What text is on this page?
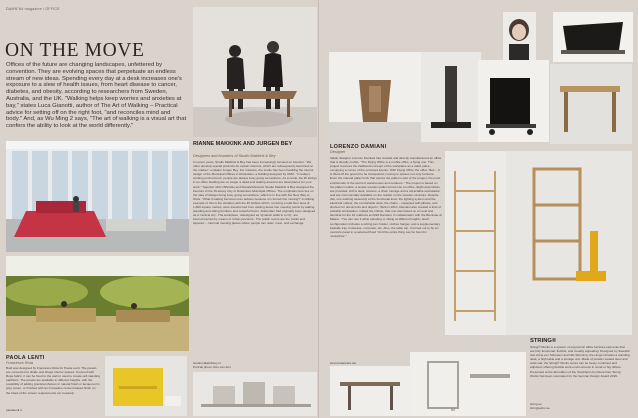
DAMN°64 magazine / OFFICE
ON THE MOVE

Offices of the future are changing landscapes, unfettered by convention. They are evolving spaces that perpetuate an endless stream of new ideas. Spending every day at a desk increases one's exposure to a slew of health issues, from heart disease to cancer, diabetes, and obesity, according to researchers from Sweden, Australia, and the UK. "Walking helps keep worries and anxieties at bay," states Luca Gianotti, author of The Art of Walking – Practical advice for setting off on the right foot, "and reconciles mind and body." And, as Wu Ming 2 says, "The art of walking is a visual art that confers the ability to look at the world differently."

PAOLA LENTI
Francesco Rota

Bold was designed by Francesco Rota for Paola Lenti. The panels are connected to divide and shape interior spaces. Covered with Rope fabric, it can be fixed to the wall or used to create self-standing partitions. The panels are available in different heights, with the possibility of adding practical shelves in natural finish or lacquered in grey colour, or finished with an innovative cement-based finish on the basis of the screen requirements (on request).

paolalenti.it
RIANNE MAKKINK AND JURGEN BEY
Designers and founders of Studio Makkink & Bey

In recent years, Studio Makkink & Bey has been increasingly focused on interiors. "We often develop special products for certain interiors, which are subsequently launched on the market," explains Jurgen Bey. For instance, the studio has been handling the interior design of the Municipal Offices in Rotterdam, a building designed by OMA. "In today's working environment, people are always busy going somewhere. As a result, the lift lobbys in an office building are no longer a dead-end waiting area but are ideal places for your work." Together with UNStudio and Ronald Rietveld, Studio Makkink & Bey designed the interiors of the 15-storey City of Rotterdam Municipal Offices. The emphasis here lies on the idea of always being busy going somewhere, which is in line with the New Way to Work. "What if waiting becomes less tedious because it is turned into moving?" A striking example of this is the situation with the lift lobbies which, covering a total floor area of 1,800 square metres, were transformed from waiting areas into meeting points by adding standing and sitting furniture and colourful floors. Rotterdam had originally been designed as a 'vertical city'. The workplace, redesigned as 'dynamic walls in a city', are interconnected by means of 'urban junctions'. The public rooms are the 'parks and squares' – informal meeting places where people can relax, meet, and exchange.

studiomakkinkbey.nl
Portrait photo: Ros van Zon
LORENZO DAMIANI
Designer

Italian designer Lorenzo Damiani has created and directly manufactured an office that is literally mobile. "The Flying Office is a mobile office, a flying one. This project reverses the traditional concept of the workplace as a static place, occupying a corner of the enclosed interior. With Flying Office the office 'flies' – it is lifted off the ground to be transported, moving to spaces not only furniture. Even the manual pallet truck that carries the pallet is part of the project, the most emblematic of the world of warehouses and outdoors." The project is based on the pallet module: a simple wooden pallet turned into an office. Eight assemblies are provided, with a desk, shelves, a chair, storage and a retractable workstation, and are commercially available on the market on the wooden structure. Despite this, one working assembly at the functional level: the lighting system and the electrical outlets; the comfortable desk, the chairs – equipped with pillows, and shelves for documents and objects." Built in 2013. Damiani also created a kind of portable workstation. Called the Infinite, that one was based on an oval and identical for the 10 mattress at 2018 Damiani, in collaboration with the Biennale di Milano. "You can use it while standing or sitting at different heights. Each configuration includes a writing pen holder, clothes hanger, and a supplementary bedside tray, bookcase, computer, etc. Also, the table top. It turned out to be an oversize panel in a patented fixed "And the entire thing can be found in 'enterprise'."

lorenzodamiani.net
STRING®

String® Works is a system of ergonomic office furniture elements that are fully functional, flexible, and visually appealing. Designed by Swedish duo Anna von Schewen and Nils Strinning, the range includes a standing desk, a high table and a storage unit. Made of powder-coated steel and solid oak, the String® Works series can be freely combined and adjusted, offering flexible work environments in small or big offices. Presented at the fall edition of the Stockholm Furniture Fair, String Works has been nominated for the German Design Award 2016.

string.se
stringworks.se
60
